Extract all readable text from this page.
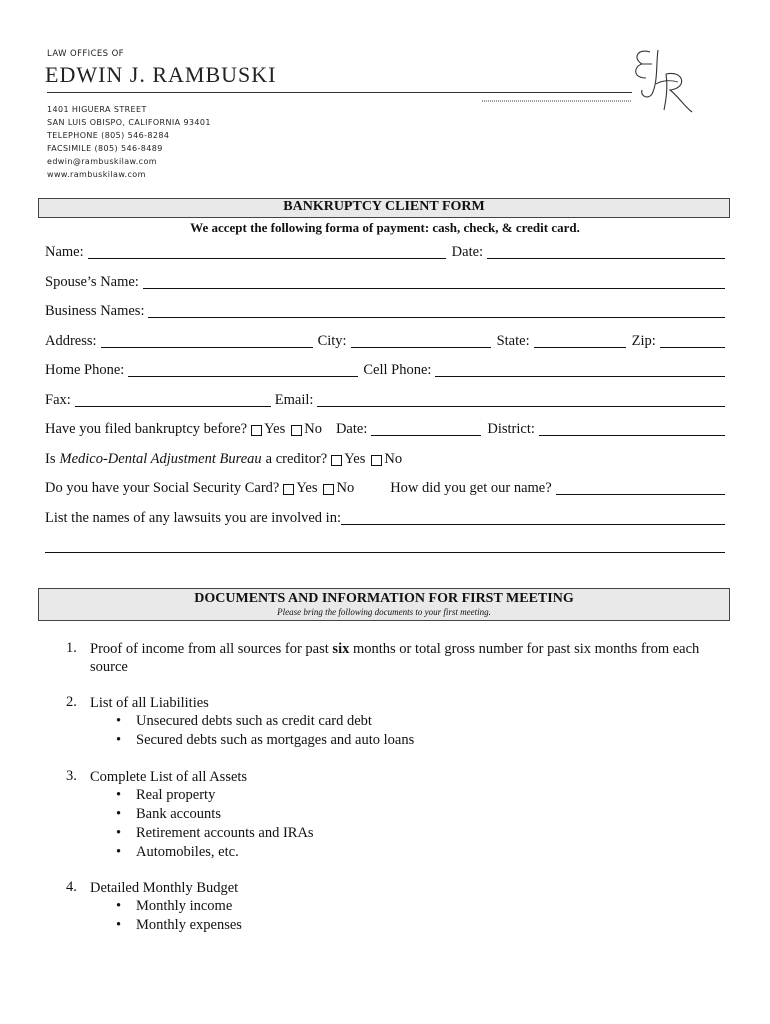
LAW OFFICES OF
EDWIN J. RAMBUSKI
1401 HIGUERA STREET
SAN LUIS OBISPO, CALIFORNIA 93401
TELEPHONE (805) 546-8284
FACSIMILE (805) 546-8489
edwin@rambuskilaw.com
www.rambuskilaw.com
BANKRUPTCY CLIENT FORM
We accept the following forma of payment: cash, check, & credit card.
Name:	Date:
Spouse’s Name:
Business Names:
Address:	City:	State:	Zip:
Home Phone:	Cell Phone:
Fax:	Email:
Have you filed bankruptcy before? Yes No Date:	District:
Is Medico-Dental Adjustment Bureau a creditor? Yes No
Do you have your Social Security Card? Yes No	How did you get our name?
List the names of any lawsuits you are involved in:
DOCUMENTS AND INFORMATION FOR FIRST MEETING
Please bring the following documents to your first meeting.
1. Proof of income from all sources for past six months or total gross number for past six months from each source
2. List of all Liabilities
• Unsecured debts such as credit card debt
• Secured debts such as mortgages and auto loans
3. Complete List of all Assets
• Real property
• Bank accounts
• Retirement accounts and IRAs
• Automobiles, etc.
4. Detailed Monthly Budget
• Monthly income
• Monthly expenses
